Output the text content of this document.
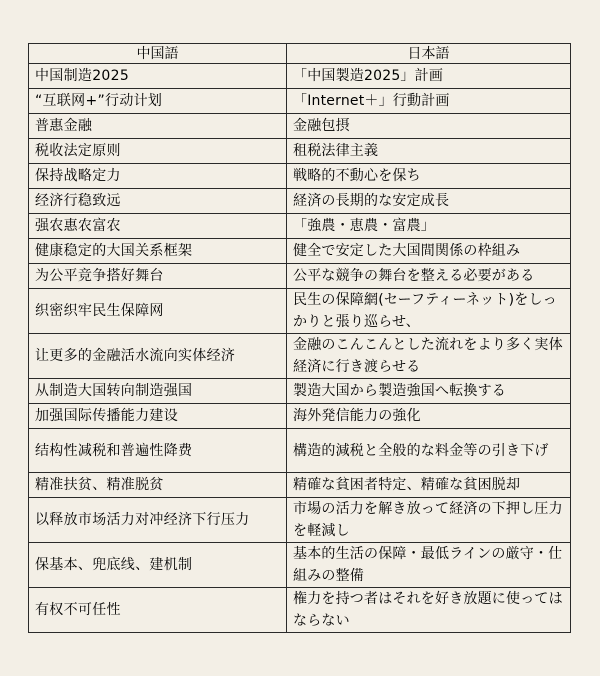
中国語	日本語
中国制造2025	「中国製造2025」計画
“互联网+”行动计划	「Internet＋」行動計画
普惠金融	金融包摂
税收法定原则	租税法律主義
保持战略定力	戦略的不動心を保ち
经济行稳致远	経済の長期的な安定成長
强农惠农富农	「強農・恵農・富農」
健康稳定的大国关系框架	健全で安定した大国間関係の枠組み
为公平竞争搭好舞台	公平な競争の舞台を整える必要がある
织密织牢民生保障网	民生の保障網(セーフティーネット)をしっかりと張り巡らせ、
让更多的金融活水流向实体经济	金融のこんこんとした流れをより多く実体経済に行き渡らせる
从制造大国转向制造强国	製造大国から製造強国へ転換する
加强国际传播能力建设	海外発信能力の強化
结构性减税和普遍性降费	構造的減税と全般的な料金等の引き下げ
精准扶贫、精准脱贫	精確な貧困者特定、精確な貧困脱却
以释放市场活力对冲经济下行压力	市場の活力を解き放って経済の下押し圧力を軽減し
保基本、兜底线、建机制	基本的生活の保障・最低ラインの厳守・仕組みの整備
有权不可任性	権力を持つ者はそれを好き放題に使ってはならない
